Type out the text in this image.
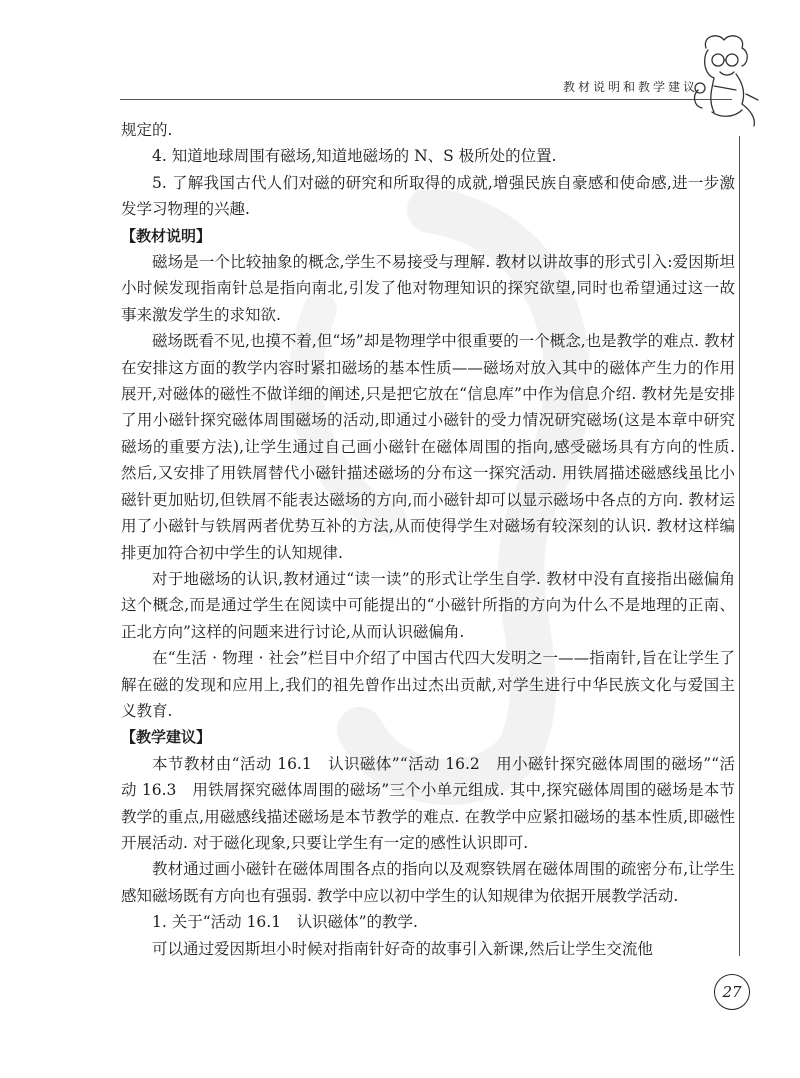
教材说明和教学建议

规定的.

4. 知道地球周围有磁场,知道地磁场的 N、S 极所处的位置.

5. 了解我国古代人们对磁的研究和所取得的成就,增强民族自豪感和使命感,进一步激发学习物理的兴趣.

【教材说明】

磁场是一个比较抽象的概念,学生不易接受与理解. 教材以讲故事的形式引入:爱因斯坦小时候发现指南针总是指向南北,引发了他对物理知识的探究欲望,同时也希望通过这一故事来激发学生的求知欲.

磁场既看不见,也摸不着,但“场”却是物理学中很重要的一个概念,也是教学的难点. 教材在安排这方面的教学内容时紧扣磁场的基本性质——磁场对放入其中的磁体产生力的作用展开,对磁体的磁性不做详细的阐述,只是把它放在“信息库”中作为信息介绍. 教材先是安排了用小磁针探究磁体周围磁场的活动,即通过小磁针的受力情况研究磁场(这是本章中研究磁场的重要方法),让学生通过自己画小磁针在磁体周围的指向,感受磁场具有方向的性质. 然后,又安排了用铁屑替代小磁针描述磁场的分布这一探究活动. 用铁屑描述磁感线虽比小磁针更加贴切,但铁屑不能表达磁场的方向,而小磁针却可以显示磁场中各点的方向. 教材运用了小磁针与铁屑两者优势互补的方法,从而使得学生对磁场有较深刻的认识. 教材这样编排更加符合初中学生的认知规律.

对于地磁场的认识,教材通过“读一读”的形式让学生自学. 教材中没有直接指出磁偏角这个概念,而是通过学生在阅读中可能提出的“小磁针所指的方向为什么不是地理的正南、正北方向”这样的问题来进行讨论,从而认识磁偏角.

在“生活 · 物理 · 社会”栏目中介绍了中国古代四大发明之一——指南针,旨在让学生了解在磁的发现和应用上,我们的祖先曾作出过杰出贡献,对学生进行中华民族文化与爱国主义教育.

【教学建议】

本节教材由“活动 16.1　认识磁体”“活动 16.2　用小磁针探究磁体周围的磁场”“活动 16.3　用铁屑探究磁体周围的磁场”三个小单元组成. 其中,探究磁体周围的磁场是本节教学的重点,用磁感线描述磁场是本节教学的难点. 在教学中应紧扣磁场的基本性质,即磁性开展活动. 对于磁化现象,只要让学生有一定的感性认识即可.

教材通过画小磁针在磁体周围各点的指向以及观察铁屑在磁体周围的疏密分布,让学生感知磁场既有方向也有强弱. 教学中应以初中学生的认知规律为依据开展教学活动.

1. 关于“活动 16.1　认识磁体”的教学.

可以通过爱因斯坦小时候对指南针好奇的故事引入新课,然后让学生交流他

27
